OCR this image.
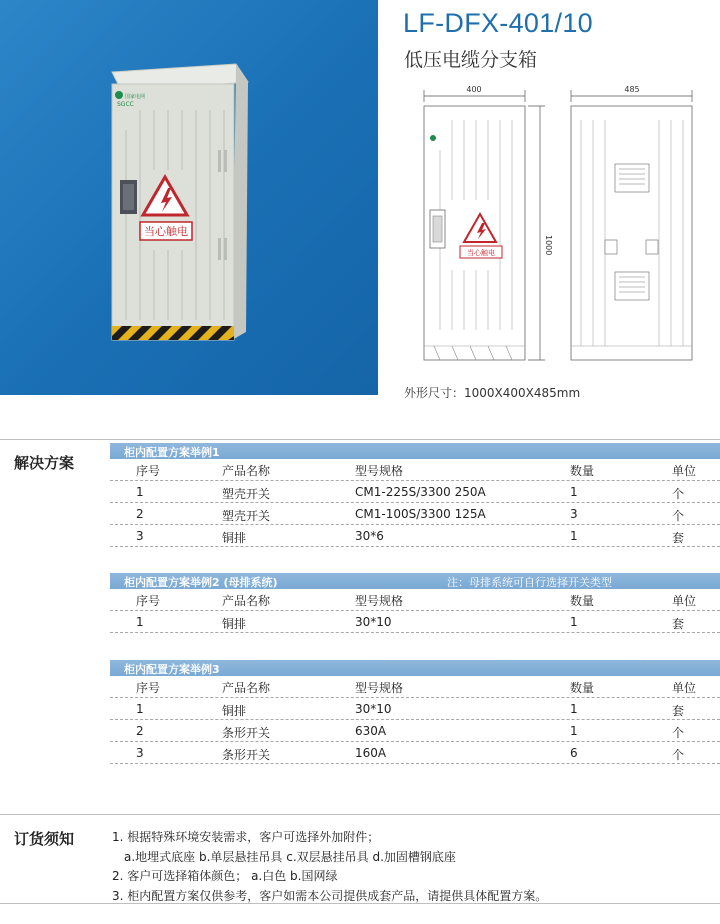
当心触电
国家电网
SGCC
LF-DFX-401/10
低压电缆分支箱
400
1000
当心触电
485
外形尺寸：1000X400X485mm
解决方案
柜内配置方案举例1
序号	产品名称	型号规格	数量	单位
1	塑壳开关	CM1-225S/3300 250A	1	个
2	塑壳开关	CM1-100S/3300 125A	3	个
3	铜排	30*6	1	套
柜内配置方案举例2 (母排系统)	注：母排系统可自行选择开关类型
序号	产品名称	型号规格	数量	单位
1	铜排	30*10	1	套
柜内配置方案举例3
序号	产品名称	型号规格	数量	单位
1	铜排	30*10	1	套
2	条形开关	630A	1	个
3	条形开关	160A	6	个
订货须知	1. 根据特殊环境安装需求，客户可选择外加附件；
a.地埋式底座 b.单层悬挂吊具 c.双层悬挂吊具 d.加固槽钢底座
2. 客户可选择箱体颜色； a.白色 b.国网绿
3. 柜内配置方案仅供参考，客户如需本公司提供成套产品，请提供具体配置方案。
